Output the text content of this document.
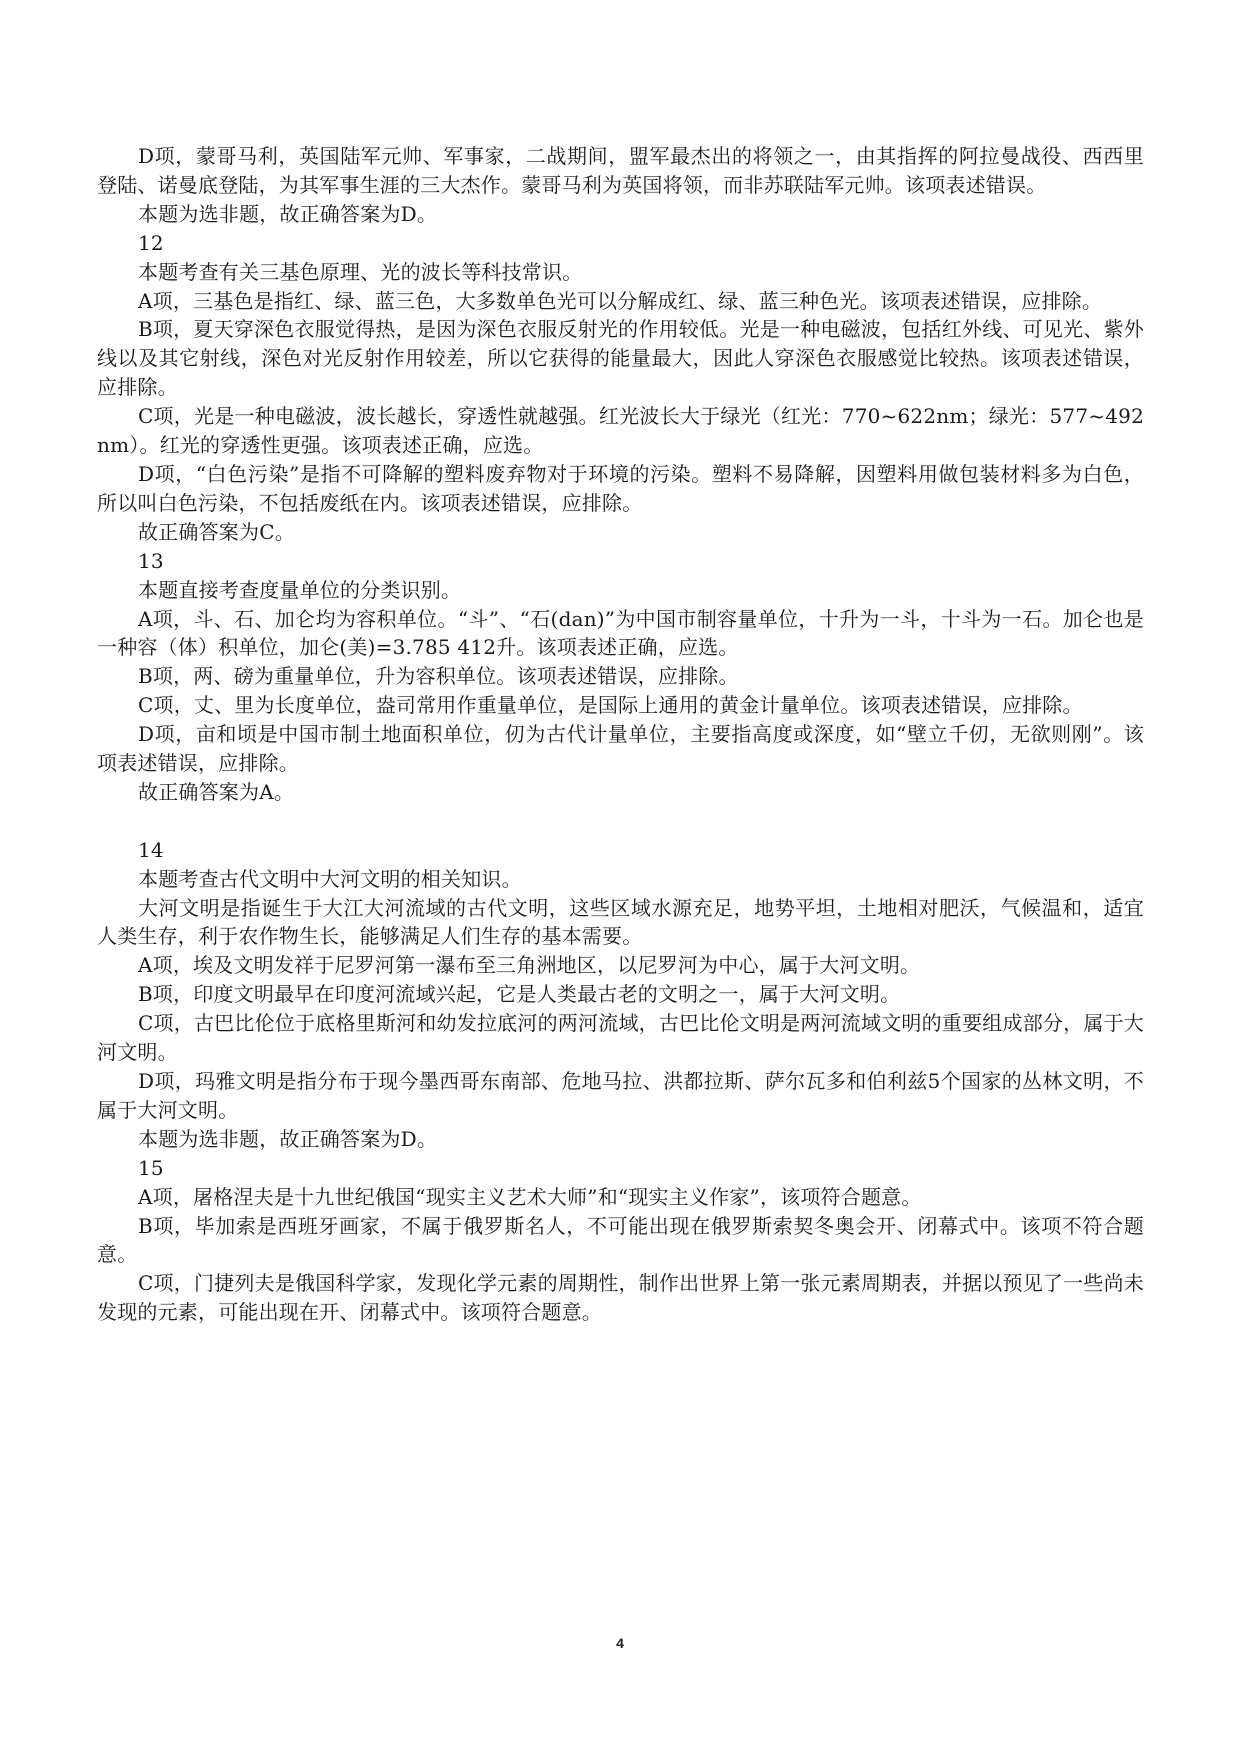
D项，蒙哥马利，英国陆军元帅、军事家，二战期间，盟军最杰出的将领之一，由其指挥的阿拉曼战役、西西里登陆、诺曼底登陆，为其军事生涯的三大杰作。蒙哥马利为英国将领，而非苏联陆军元帅。该项表述错误。

本题为选非题，故正确答案为D。

12

本题考查有关三基色原理、光的波长等科技常识。

A项，三基色是指红、绿、蓝三色，大多数单色光可以分解成红、绿、蓝三种色光。该项表述错误，应排除。

B项，夏天穿深色衣服觉得热，是因为深色衣服反射光的作用较低。光是一种电磁波，包括红外线、可见光、紫外线以及其它射线，深色对光反射作用较差，所以它获得的能量最大，因此人穿深色衣服感觉比较热。该项表述错误，应排除。

C项，光是一种电磁波，波长越长，穿透性就越强。红光波长大于绿光（红光：770~622nm；绿光：577~492nm）。红光的穿透性更强。该项表述正确，应选。

D项，“白色污染”是指不可降解的塑料废弃物对于环境的污染。塑料不易降解，因塑料用做包装材料多为白色，所以叫白色污染，不包括废纸在内。该项表述错误，应排除。

故正确答案为C。

13

本题直接考查度量单位的分类识别。

A项，斗、石、加仑均为容积单位。“斗”、“石(dan)”为中国市制容量单位，十升为一斗，十斗为一石。加仑也是一种容（体）积单位，加仑(美)=3.785 412升。该项表述正确，应选。

B项，两、磅为重量单位，升为容积单位。该项表述错误，应排除。

C项，丈、里为长度单位，盎司常用作重量单位，是国际上通用的黄金计量单位。该项表述错误，应排除。

D项，亩和顷是中国市制土地面积单位，仞为古代计量单位，主要指高度或深度，如“壁立千仞，无欲则刚”。该项表述错误，应排除。

故正确答案为A。

14

本题考查古代文明中大河文明的相关知识。

大河文明是指诞生于大江大河流域的古代文明，这些区域水源充足，地势平坦，土地相对肥沃，气候温和，适宜人类生存，利于农作物生长，能够满足人们生存的基本需要。

A项，埃及文明发祥于尼罗河第一瀑布至三角洲地区，以尼罗河为中心，属于大河文明。

B项，印度文明最早在印度河流域兴起，它是人类最古老的文明之一，属于大河文明。

C项，古巴比伦位于底格里斯河和幼发拉底河的两河流域，古巴比伦文明是两河流域文明的重要组成部分，属于大河文明。

D项，玛雅文明是指分布于现今墨西哥东南部、危地马拉、洪都拉斯、萨尔瓦多和伯利兹5个国家的丛林文明，不属于大河文明。

本题为选非题，故正确答案为D。

15

A项，屠格涅夫是十九世纪俄国“现实主义艺术大师”和“现实主义作家”，该项符合题意。

B项，毕加索是西班牙画家，不属于俄罗斯名人，不可能出现在俄罗斯索契冬奥会开、闭幕式中。该项不符合题意。

C项，门捷列夫是俄国科学家，发现化学元素的周期性，制作出世界上第一张元素周期表，并据以预见了一些尚未发现的元素，可能出现在开、闭幕式中。该项符合题意。

4
